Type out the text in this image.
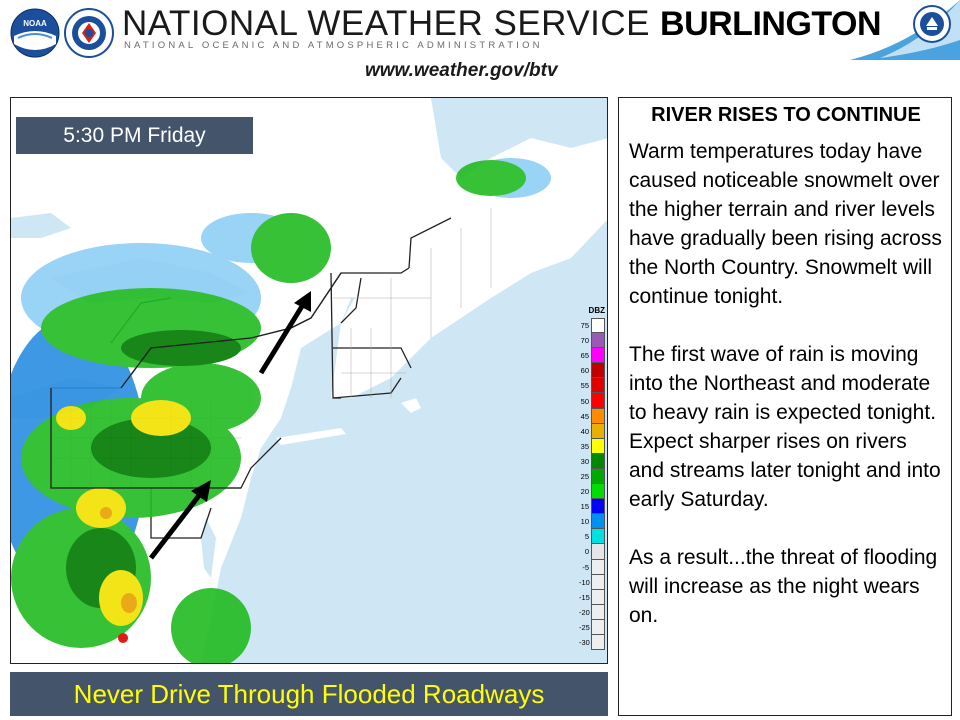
NOAA NATIONAL WEATHER SERVICE BURLINGTON
NATIONAL OCEANIC AND ATMOSPHERIC ADMINISTRATION
www.weather.gov/btv
5:30 PM Friday
DBZ
75
70
65
60
55
50
45
40
35
30
25
20
15
10
5
0
-5
-10
-15
-20
-25
-30
Never Drive Through Flooded Roadways
RIVER RISES TO CONTINUE
Warm temperatures today have caused noticeable snowmelt over the higher terrain and river levels have gradually been rising across the North Country. Snowmelt will continue tonight.
The first wave of rain is moving into the Northeast and moderate to heavy rain is expected tonight. Expect sharper rises on rivers and streams later tonight and into early Saturday.
As a result...the threat of flooding will increase as the night wears on.
